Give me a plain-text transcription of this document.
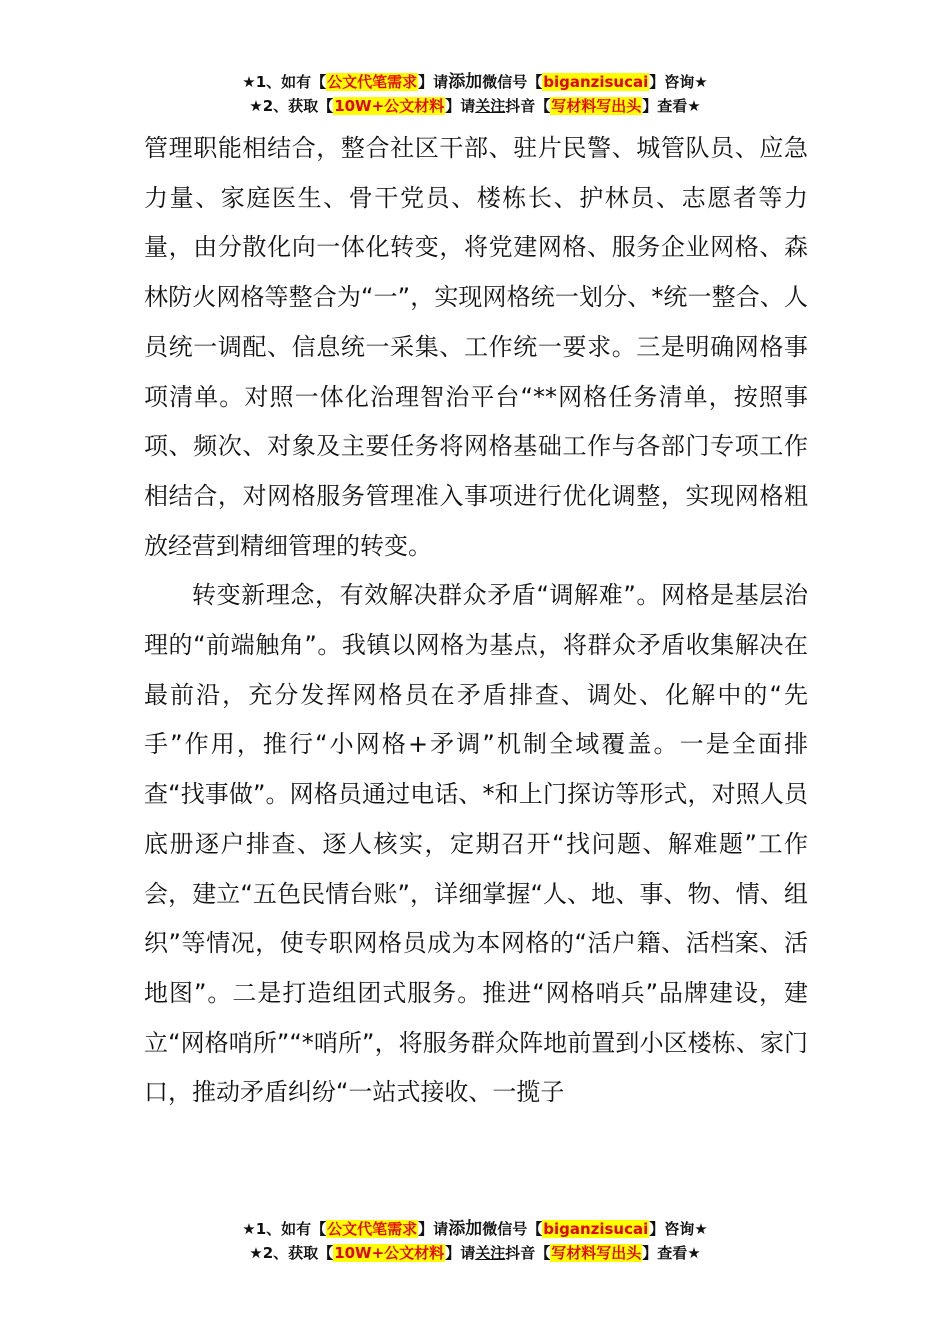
★1、如有【公文代笔需求】请添加微信号【biganzisucai】咨询★
★2、获取【10W+公文材料】请关注抖音【写材料写出头】查看★

管理职能相结合，整合社区干部、驻片民警、城管队员、应急力量、家庭医生、骨干党员、楼栋长、护林员、志愿者等力量，由分散化向一体化转变，将党建网格、服务企业网格、森林防火网格等整合为“一”，实现网格统一划分、*统一整合、人员统一调配、信息统一采集、工作统一要求。三是明确网格事项清单。对照一体化治理智治平台“**网格任务清单，按照事项、频次、对象及主要任务将网格基础工作与各部门专项工作相结合，对网格服务管理准入事项进行优化调整，实现网格粗放经营到精细管理的转变。

转变新理念，有效解决群众矛盾“调解难”。网格是基层治理的“前端触角”。我镇以网格为基点，将群众矛盾收集解决在最前沿，充分发挥网格员在矛盾排查、调处、化解中的“先手”作用，推行“小网格+矛调”机制全域覆盖。一是全面排查“找事做”。网格员通过电话、*和上门探访等形式，对照人员底册逐户排查、逐人核实，定期召开“找问题、解难题”工作会，建立“五色民情台账”，详细掌握“人、地、事、物、情、组织”等情况，使专职网格员成为本网格的“活户籍、活档案、活地图”。二是打造组团式服务。推进“网格哨兵”品牌建设，建立“网格哨所”“*哨所”，将服务群众阵地前置到小区楼栋、家门口，推动矛盾纠纷“一站式接收、一揽子

★1、如有【公文代笔需求】请添加微信号【biganzisucai】咨询★
★2、获取【10W+公文材料】请关注抖音【写材料写出头】查看★
